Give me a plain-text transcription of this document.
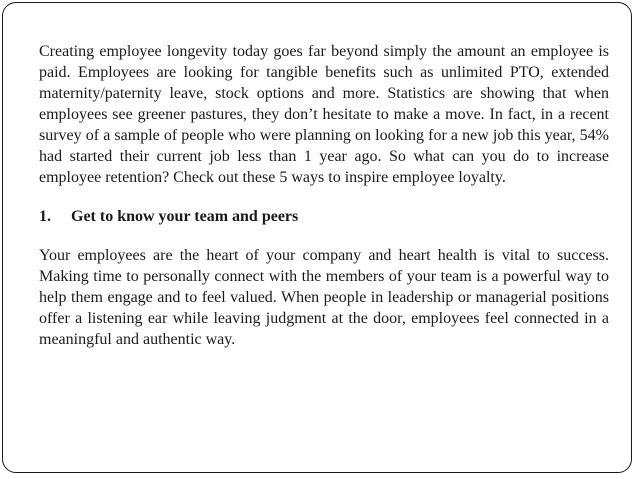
Creating employee longevity today goes far beyond simply the amount an employee is paid. Employees are looking for tangible benefits such as unlimited PTO, extended maternity/paternity leave, stock options and more. Statistics are showing that when employees see greener pastures, they don’t hesitate to make a move. In fact, in a recent survey of a sample of people who were planning on looking for a new job this year, 54% had started their current job less than 1 year ago. So what can you do to increase employee retention? Check out these 5 ways to inspire employee loyalty.

1.	Get to know your team and peers

Your employees are the heart of your company and heart health is vital to success. Making time to personally connect with the members of your team is a powerful way to help them engage and to feel valued. When people in leadership or managerial positions offer a listening ear while leaving judgment at the door, employees feel connected in a meaningful and authentic way.
